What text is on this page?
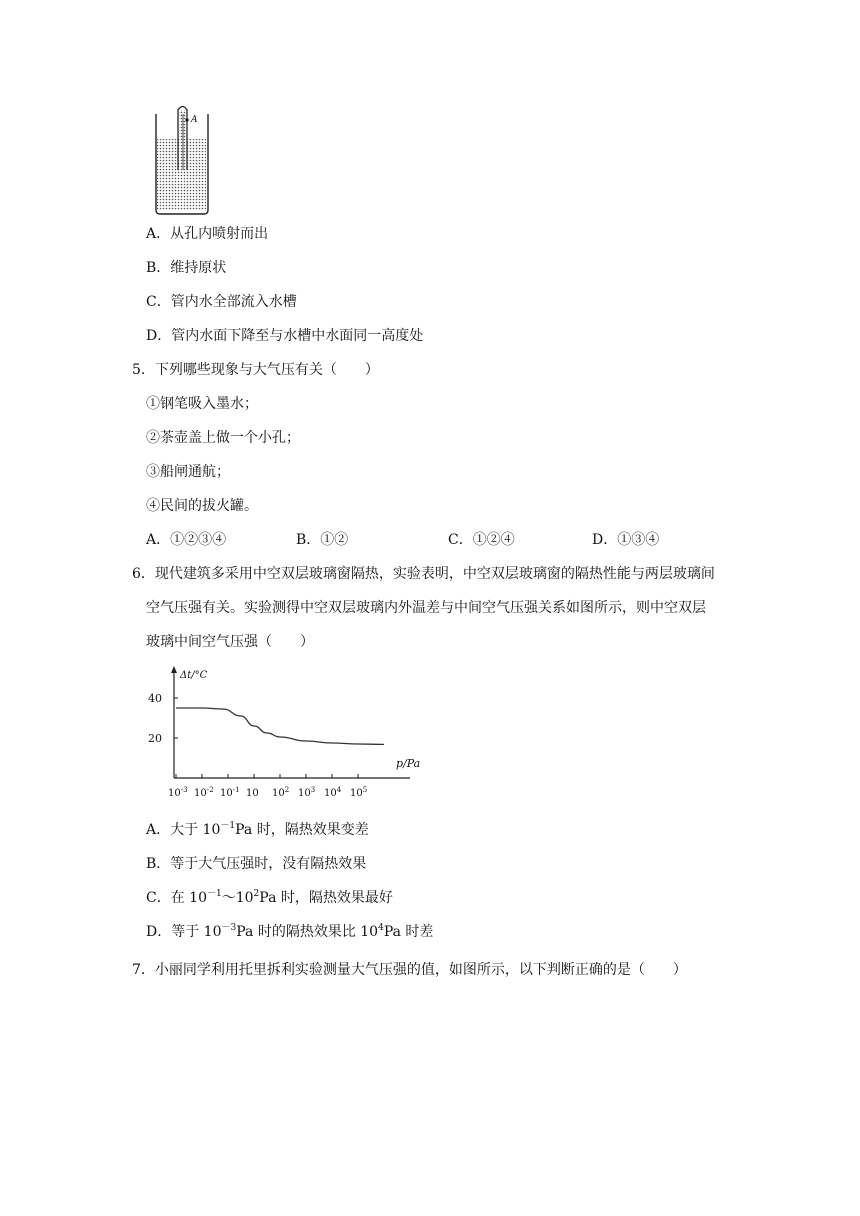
A
A．从孔内喷射而出
B．维持原状
C．管内水全部流入水槽
D．管内水面下降至与水槽中水面同一高度处
5．下列哪些现象与大气压有关（　　）
①钢笔吸入墨水；
②茶壶盖上做一个小孔；
③船闸通航；
④民间的拔火罐。
A．①②③④	B．①②	C．①②④	D．①③④
6．现代建筑多采用中空双层玻璃窗隔热，实验表明，中空双层玻璃窗的隔热性能与两层玻璃间
空气压强有关。实验测得中空双层玻璃内外温差与中间空气压强关系如图所示，则中空双层
玻璃中间空气压强（　　）
Δt/°C
p/Pa
$10^{-3}$ $10^{-2}$ $10^{-1}$ 10 $10^2$ $10^3$ $10^4$ $10^5$
40
20
A．大于 $10^{-1}Pa$ 时，隔热效果变差
B．等于大气压强时，没有隔热效果
C．在 $10^{-1}\sim 10^2Pa$ 时，隔热效果最好
D．等于 $10^{-3}Pa$ 时的隔热效果比 $10^4Pa$ 时差
7．小丽同学利用托里拆利实验测量大气压强的值，如图所示，以下判断正确的是（　　）
